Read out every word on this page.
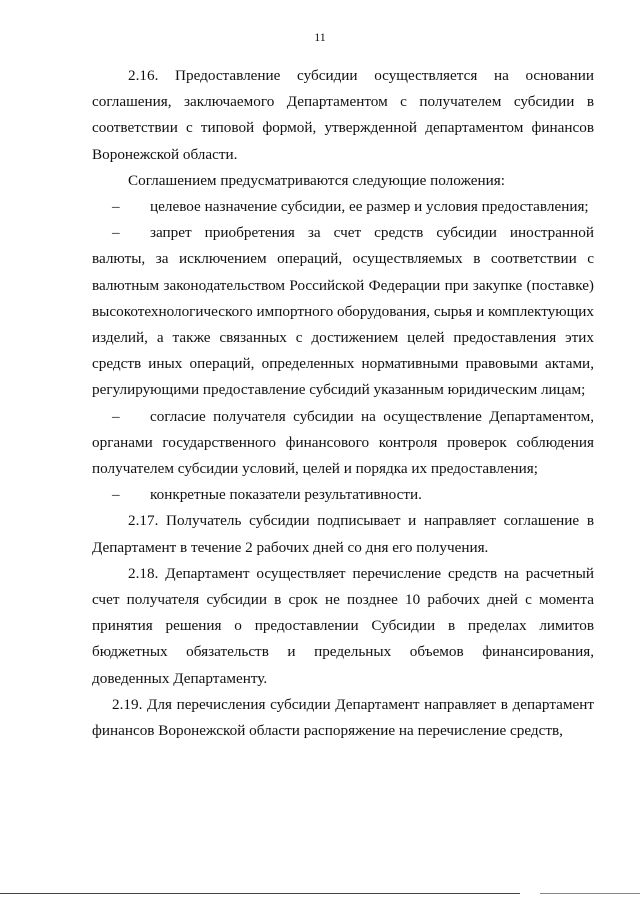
11

2.16. Предоставление субсидии осуществляется на основании соглашения, заключаемого Департаментом с получателем субсидии в соответствии с типовой формой, утвержденной департаментом финансов Воронежской области.

Соглашением предусматриваются следующие положения:

– целевое назначение субсидии, ее размер и условия предоставления;

– запрет приобретения за счет средств субсидии иностранной валюты, за исключением операций, осуществляемых в соответствии с валютным законодательством Российской Федерации при закупке (поставке) высокотехнологического импортного оборудования, сырья и комплектующих изделий, а также связанных с достижением целей предоставления этих средств иных операций, определенных нормативными правовыми актами, регулирующими предоставление субсидий указанным юридическим лицам;

– согласие получателя субсидии на осуществление Департаментом, органами государственного финансового контроля проверок соблюдения получателем субсидии условий, целей и порядка их предоставления;

– конкретные показатели результативности.

2.17. Получатель субсидии подписывает и направляет соглашение в Департамент в течение 2 рабочих дней со дня его получения.

2.18. Департамент осуществляет перечисление средств на расчетный счет получателя субсидии в срок не позднее 10 рабочих дней с момента принятия решения о предоставлении Субсидии в пределах лимитов бюджетных обязательств и предельных объемов финансирования, доведенных Департаменту.

2.19. Для перечисления субсидии Департамент направляет в департамент финансов Воронежской области распоряжение на перечисление средств,
